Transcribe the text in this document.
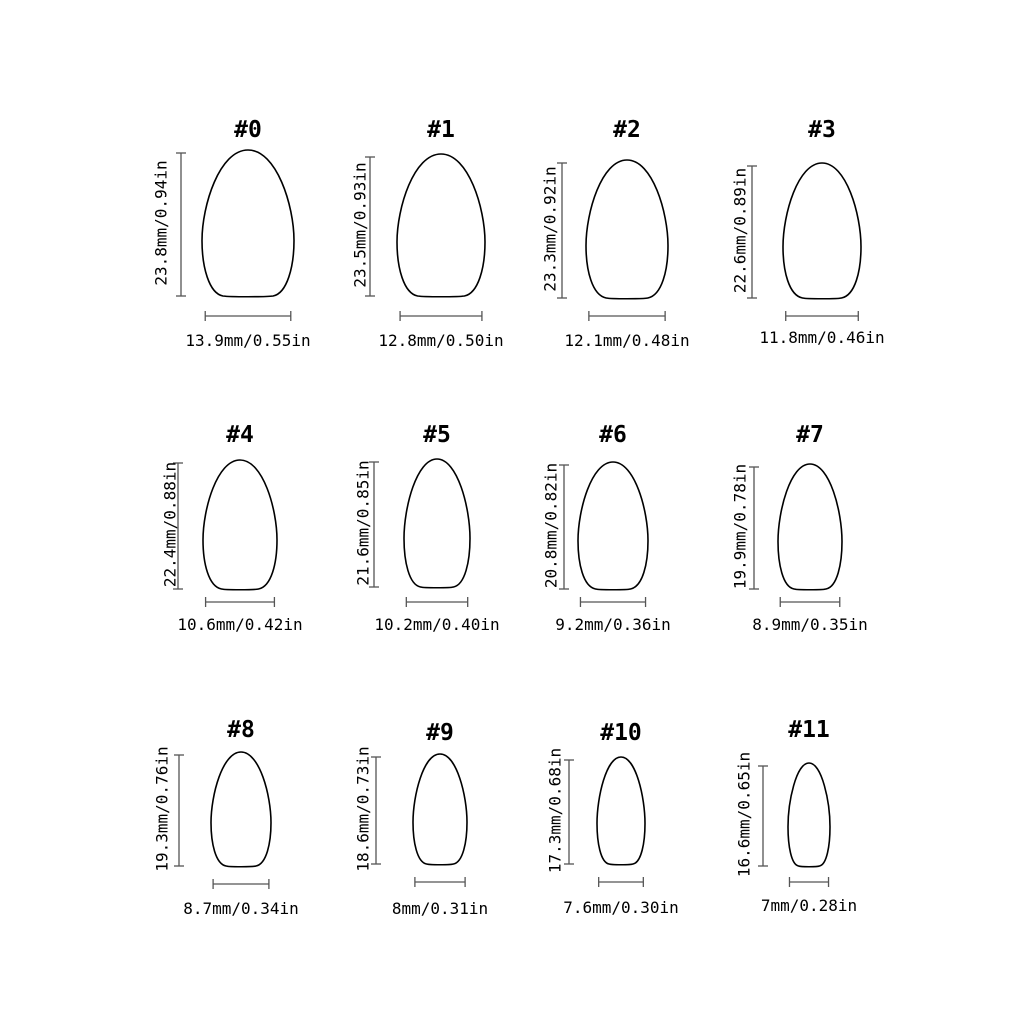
#0
23.8mm/0.94in
13.9mm/0.55in
#1
23.5mm/0.93in
12.8mm/0.50in
#2
23.3mm/0.92in
12.1mm/0.48in
#3
22.6mm/0.89in
11.8mm/0.46in
#4
22.4mm/0.88in
10.6mm/0.42in
#5
21.6mm/0.85in
10.2mm/0.40in
#6
20.8mm/0.82in
9.2mm/0.36in
#7
19.9mm/0.78in
8.9mm/0.35in
#8
19.3mm/0.76in
8.7mm/0.34in
#9
18.6mm/0.73in
8mm/0.31in
#10
17.3mm/0.68in
7.6mm/0.30in
#11
16.6mm/0.65in
7mm/0.28in
